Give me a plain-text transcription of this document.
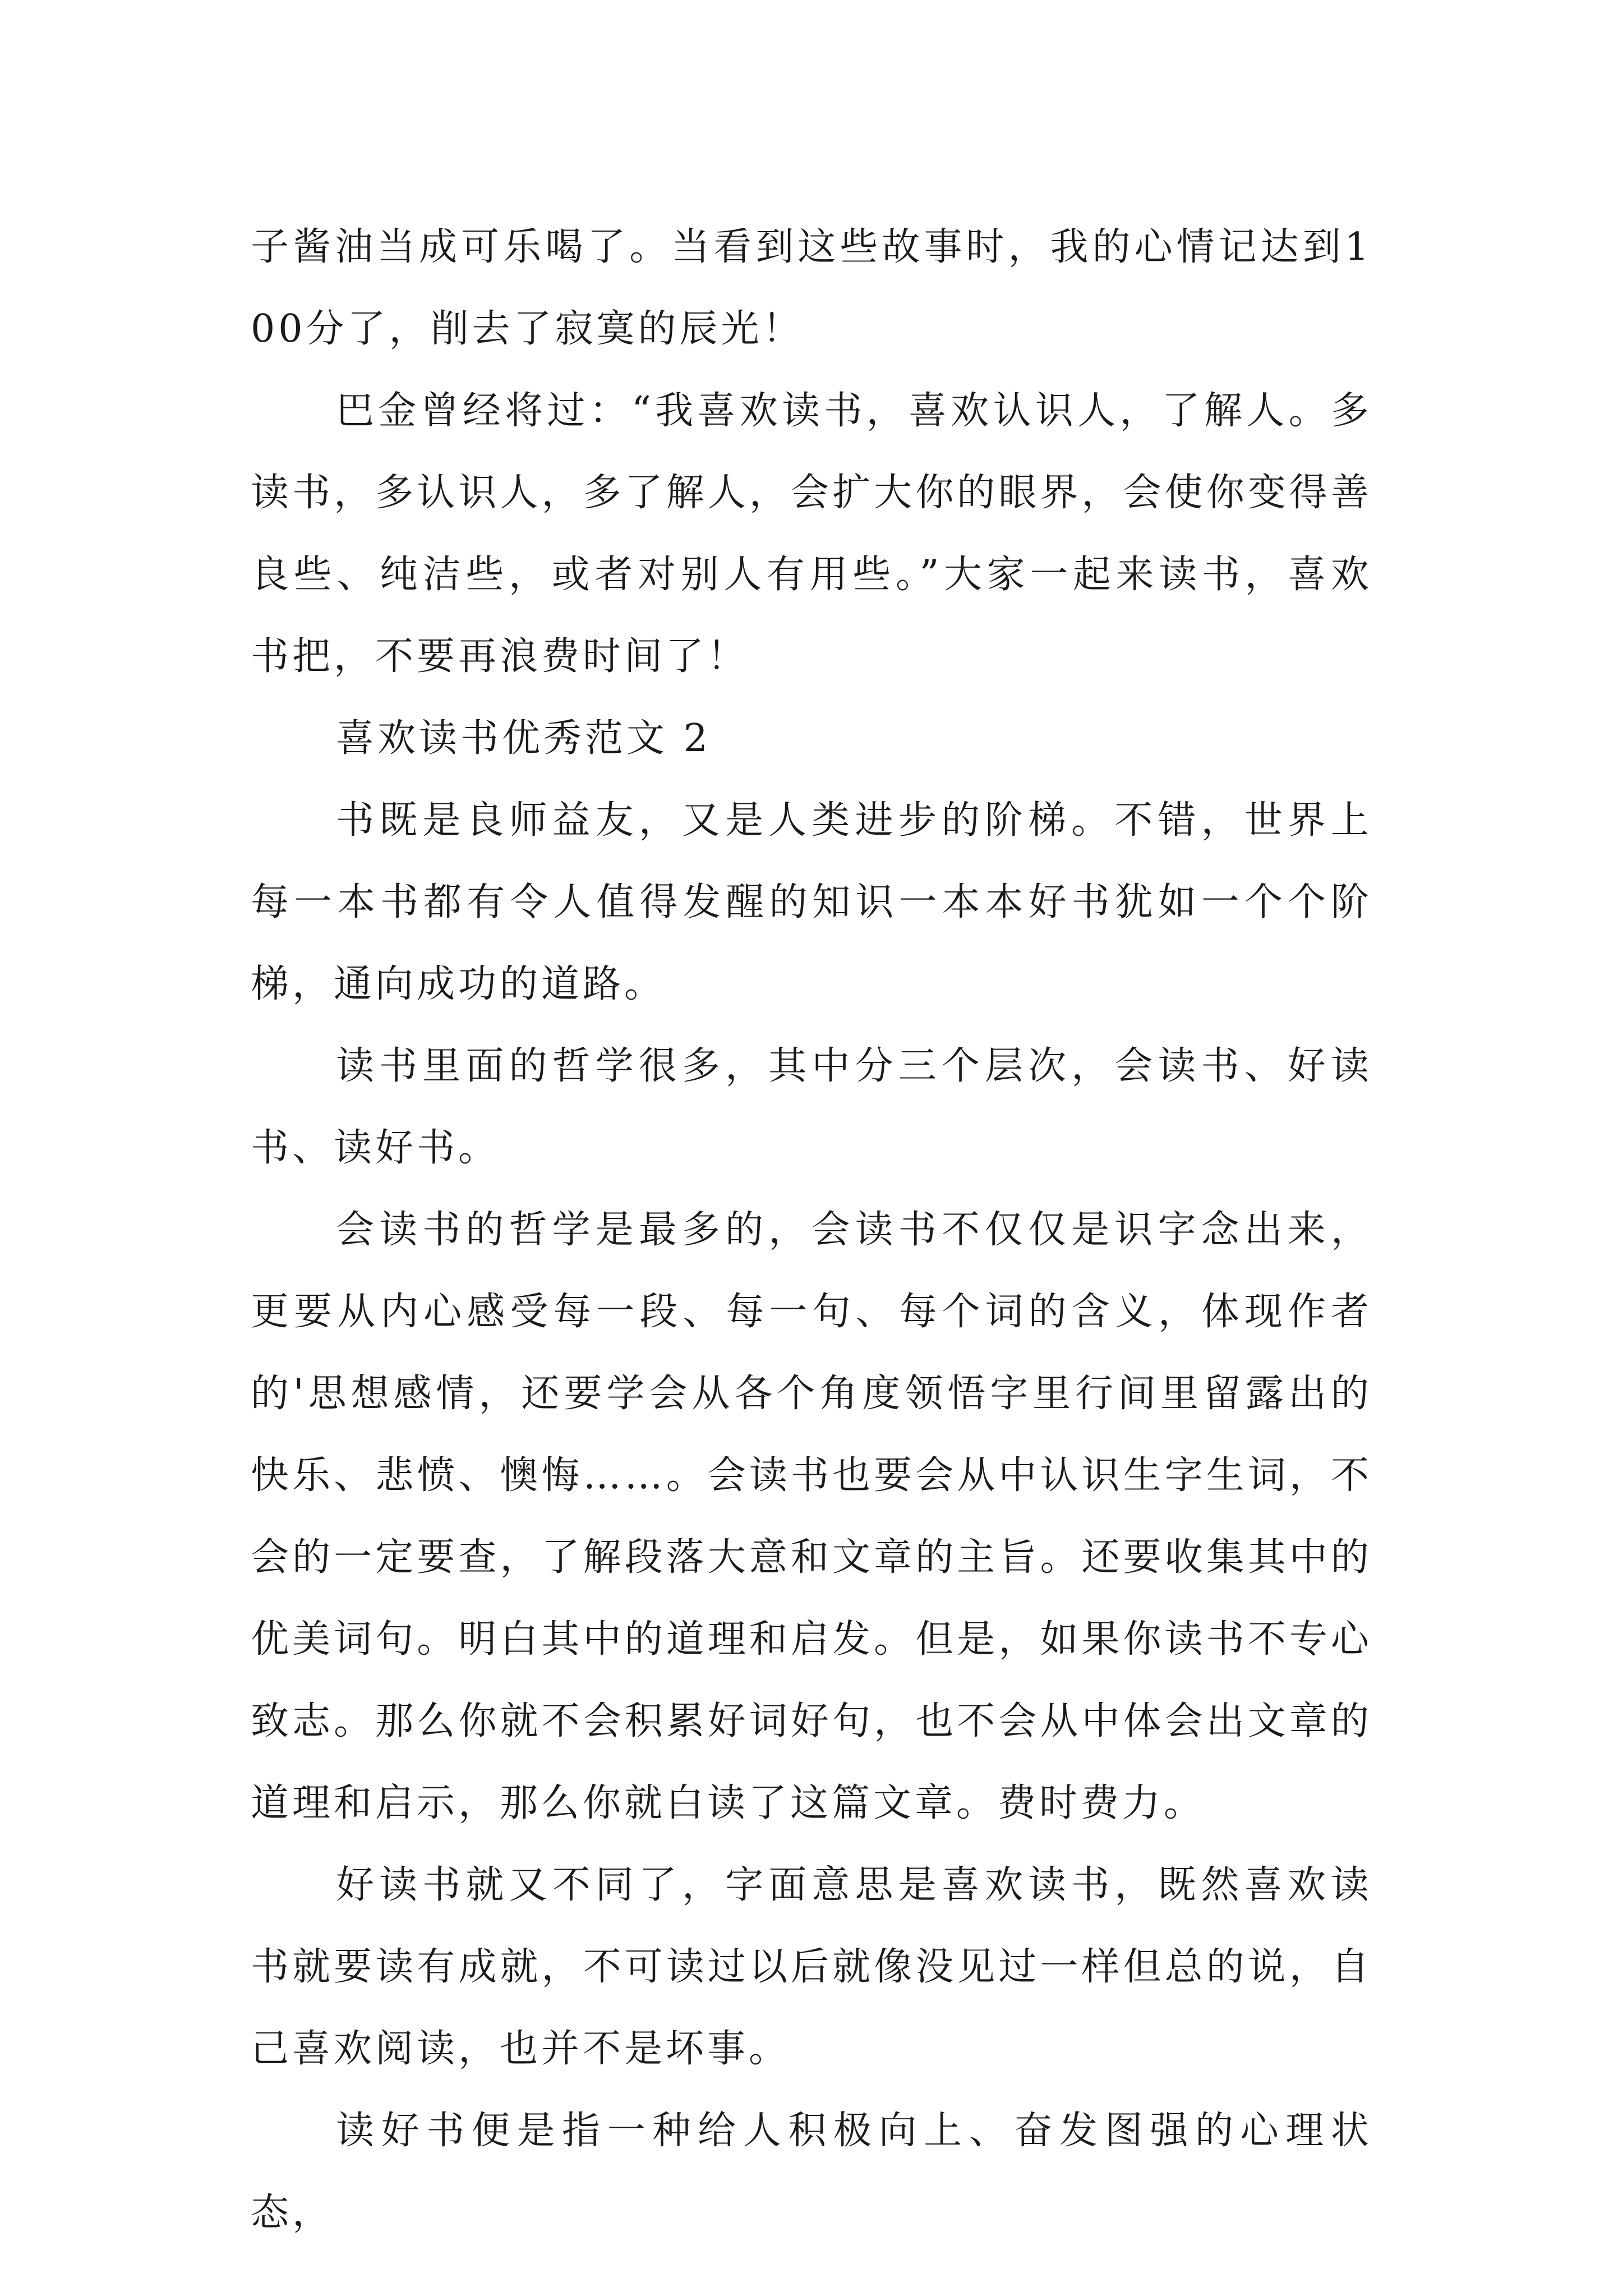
子酱油当成可乐喝了。当看到这些故事时，我的心情记达到100分了，削去了寂寞的辰光！

巴金曾经将过：“我喜欢读书，喜欢认识人，了解人。多读书，多认识人，多了解人，会扩大你的眼界，会使你变得善良些、纯洁些，或者对别人有用些。”大家一起来读书，喜欢书把，不要再浪费时间了！

喜欢读书优秀范文 2

书既是良师益友，又是人类进步的阶梯。不错，世界上每一本书都有令人值得发醒的知识一本本好书犹如一个个阶梯，通向成功的道路。

读书里面的哲学很多，其中分三个层次，会读书、好读书、读好书。

会读书的哲学是最多的，会读书不仅仅是识字念出来，更要从内心感受每一段、每一句、每个词的含义，体现作者的'思想感情，还要学会从各个角度领悟字里行间里留露出的快乐、悲愤、懊悔……。会读书也要会从中认识生字生词，不会的一定要查，了解段落大意和文章的主旨。还要收集其中的优美词句。明白其中的道理和启发。但是，如果你读书不专心致志。那么你就不会积累好词好句，也不会从中体会出文章的道理和启示，那么你就白读了这篇文章。费时费力。

好读书就又不同了，字面意思是喜欢读书，既然喜欢读书就要读有成就，不可读过以后就像没见过一样但总的说，自己喜欢阅读，也并不是坏事。

读好书便是指一种给人积极向上、奋发图强的心理状态，
